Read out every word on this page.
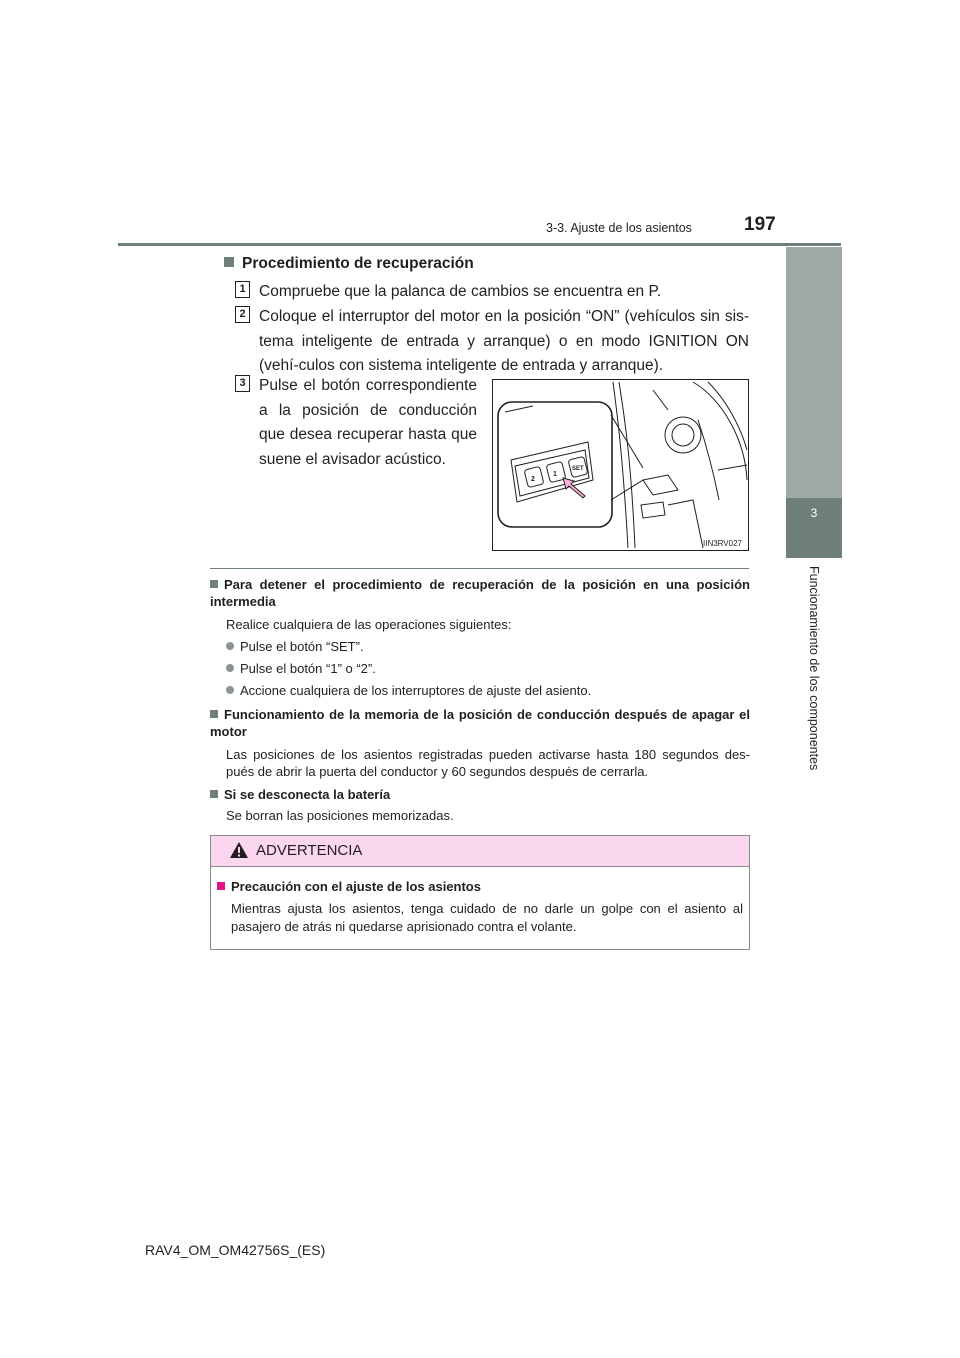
3-3. Ajuste de los asientos	197
3
Funcionamiento de los componentes
Procedimiento de recuperación
1 Compruebe que la palanca de cambios se encuentra en P.
2 Coloque el interruptor del motor en la posición “ON” (vehículos sin sis-tema inteligente de entrada y arranque) o en modo IGNITION ON (vehí-culos con sistema inteligente de entrada y arranque).
3 Pulse el botón correspondiente a la posición de conducción que desea recuperar hasta que suene el avisador acústico.
2
1
SET
IIN3RV027
Para detener el procedimiento de recuperación de la posición en una posición intermedia
Realice cualquiera de las operaciones siguientes:
Pulse el botón “SET”.
Pulse el botón “1” o “2”.
Accione cualquiera de los interruptores de ajuste del asiento.
Funcionamiento de la memoria de la posición de conducción después de apagar el motor
Las posiciones de los asientos registradas pueden activarse hasta 180 segundos des-pués de abrir la puerta del conductor y 60 segundos después de cerrarla.
Si se desconecta la batería
Se borran las posiciones memorizadas.
ADVERTENCIA
Precaución con el ajuste de los asientos
Mientras ajusta los asientos, tenga cuidado de no darle un golpe con el asiento al pasajero de atrás ni quedarse aprisionado contra el volante.
RAV4_OM_OM42756S_(ES)
